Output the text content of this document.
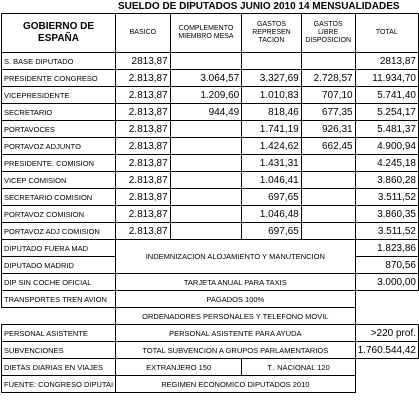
SUELDO DE DIPUTADOS JUNIO 2010 14 MENSUALIDADES
GOBIERNO DE ESPAÑA	BASICO	COMPLEMENTO MIEMBRO MESA	GASTOS REPRESEN TACION	GASTOS LIBRE DISPOSICION	TOTAL
S. BASE DIPUTADO	2813,87				2813,87
PRESIDENTE CONGRESO	2.813,87	3.064,57	3.327,69	2.728,57	11.934,70
VICEPRESIDENTE	2.813,87	1.209,60	1.010,83	707,10	5.741,40
SECRETARIO	2.813,87	944,49	818,46	677,35	5.254,17
PORTAVOCES	2.813,87		1.741,19	926,31	5.481,37
PORTAVOZ ADJUNTO	2.813,87		1.424,62	662,45	4.900,94
PRESIDENTE. COMISION	2.813,87		1.431,31		4.245,18
VICEP COMISION	2.813,87		1.046,41		3.860,28
SECRETARIO COMISION	2.813,87		697,65		3.511,52
PORTAVOZ COMISION	2.813,87		1.046,48		3.860,35
PORTAVOZ ADJ COMISION	2.813,87		697,65		3.511,52
DIPUTADO FUERA MAD	INDEMNIZACION ALOJAMIENTO Y MANUTENCION				1.823,86
DIPUTADO MADRID					870,56
DIP SIN COCHE OFICIAL	TARJETA ANUAL PARA TAXIS				3.000,00
TRANSPORTES TREN AVION	PAGADOS 100%				
	ORDENADORES PERSONALES Y TELEFONO MOVIL				
PERSONAL ASISTENTE	PERSONAL ASISTENTE PARA AYUDA				>220 prof.
SUBVENCIONES	TOTAL SUBVENCION A GRUPOS PARLAMENTARIOS				1.760.544,42
DIETAS DIARIAS EN VIAJES	EXTRANJERO 150		T.. NACIONAL 120		
FUENTE: CONGRESO DIPUTAI	REGIMEN ECONOMICO DIPUTADOS 2010				
